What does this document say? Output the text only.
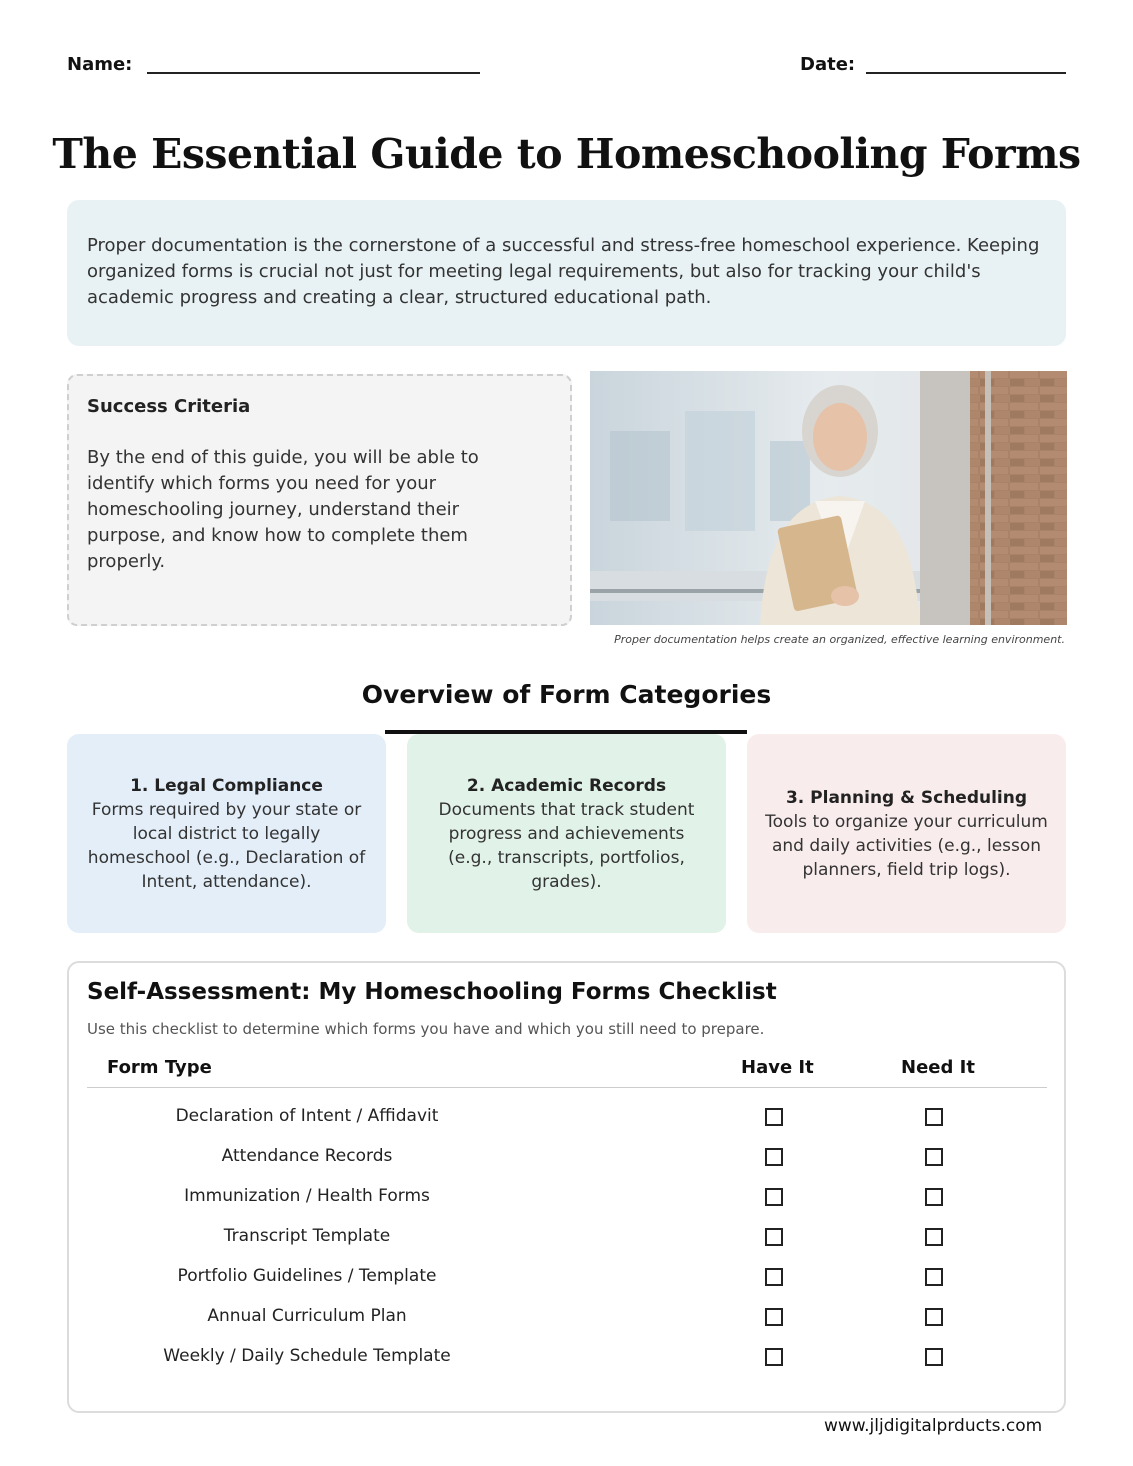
Name:	Date:
The Essential Guide to Homeschooling Forms
Proper documentation is the cornerstone of a successful and stress-free homeschool experience. Keeping organized forms is crucial not just for meeting legal requirements, but also for tracking your child's academic progress and creating a clear, structured educational path.
Success Criteria
By the end of this guide, you will be able to identify which forms you need for your homeschooling journey, understand their purpose, and know how to complete them properly.
Proper documentation helps create an organized, effective learning environment.
Overview of Form Categories
1. Legal Compliance
Forms required by your state or local district to legally homeschool (e.g., Declaration of Intent, attendance).
2. Academic Records
Documents that track student progress and achievements (e.g., transcripts, portfolios, grades).
3. Planning & Scheduling
Tools to organize your curriculum and daily activities (e.g., lesson planners, field trip logs).
Self-Assessment: My Homeschooling Forms Checklist
Use this checklist to determine which forms you have and which you still need to prepare.
Form Type	Have It	Need It
Declaration of Intent / Affidavit
Attendance Records
Immunization / Health Forms
Transcript Template
Portfolio Guidelines / Template
Annual Curriculum Plan
Weekly / Daily Schedule Template
www.jljdigitalprducts.com
